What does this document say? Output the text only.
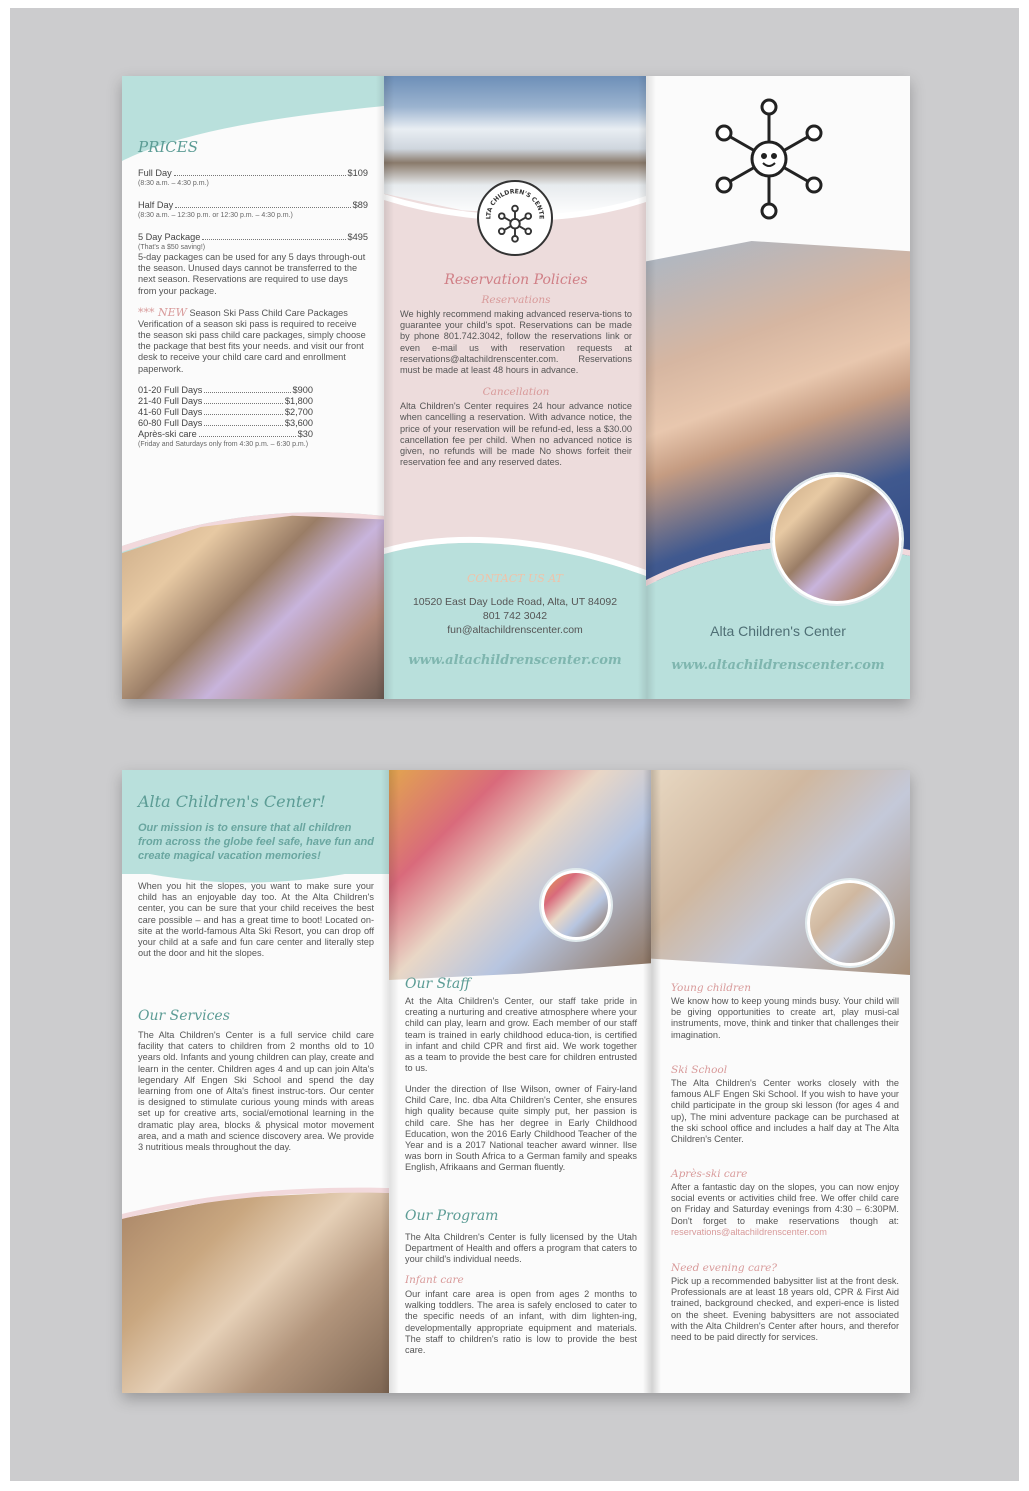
PRICES
Full Day	$109
(8:30 a.m. – 4:30 p.m.)
Half Day	$89
(8:30 a.m. – 12:30 p.m. or 12:30 p.m. – 4:30 p.m.)
5 Day Package	$495
(That's a $50 saving!)
5-day packages can be used for any 5 days through-out the season. Unused days cannot be transferred to the next season. Reservations are required to use days from your package.
*** NEW Season Ski Pass Child Care Packages
Verification of a season ski pass is required to receive the season ski pass child care packages, simply choose the package that best fits your needs. and visit our front desk to receive your child care card and enrollment paperwork.
01-20 Full Days	$900
21-40 Full Days	$1,800
41-60 Full Days	$2,700
60-80 Full Days	$3,600
Après-ski care	$30
(Friday and Saturdays only from 4:30 p.m. – 6:30 p.m.)
LTA CHILDREN'S CENTE
Reservation Policies
Reservations
We highly recommend making advanced reserva-tions to guarantee your child's spot. Reservations can be made by phone 801.742.3042, follow the reservations link or even e-mail us with reservation requests at reservations@altachildrenscenter.com. Reservations must be made at least 48 hours in advance.
Cancellation
Alta Children's Center requires 24 hour advance notice when cancelling a reservation. With advance notice, the price of your reservation will be refund-ed, less a $30.00 cancellation fee per child. When no advanced notice is given, no refunds will be made No shows forfeit their reservation fee and any reserved dates.
CONTACT US AT
10520 East Day Lode Road, Alta, UT 84092
801 742 3042
fun@altachildrenscenter.com
www.altachildrenscenter.com
Alta Children's Center
www.altachildrenscenter.com
Alta Children's Center!
Our mission is to ensure that all children from across the globe feel safe, have fun and create magical vacation memories!
When you hit the slopes, you want to make sure your child has an enjoyable day too. At the Alta Children's center, you can be sure that your child receives the best care possible – and has a great time to boot! Located on-site at the world-famous Alta Ski Resort, you can drop off your child at a safe and fun care center and literally step out the door and hit the slopes.
Our Services
The Alta Children's Center is a full service child care facility that caters to children from 2 months old to 10 years old. Infants and young children can play, create and learn in the center. Children ages 4 and up can join Alta's legendary Alf Engen Ski School and spend the day learning from one of Alta's finest instruc-tors. Our center is designed to stimulate curious young minds with areas set up for creative arts, social/emotional learning in the dramatic play area, blocks & physical motor movement area, and a math and science discovery area. We provide 3 nutritious meals throughout the day.
Our Staff
At the Alta Children's Center, our staff take pride in creating a nurturing and creative atmosphere where your child can play, learn and grow. Each member of our staff team is trained in early childhood educa-tion, is certified in infant and child CPR and first aid. We work together as a team to provide the best care for children entrusted to us.
Under the direction of Ilse Wilson, owner of Fairy-land Child Care, Inc. dba Alta Children's Center, she ensures high quality because quite simply put, her passion is child care. She has her degree in Early Childhood Education, won the 2016 Early Childhood Teacher of the Year and is a 2017 National teacher award winner. Ilse was born in South Africa to a German family and speaks English, Afrikaans and German fluently.
Our Program
The Alta Children's Center is fully licensed by the Utah Department of Health and offers a program that caters to your child's individual needs.
Infant care
Our infant care area is open from ages 2 months to walking toddlers. The area is safely enclosed to cater to the specific needs of an infant, with dim lighten-ing, developmentally appropriate equipment and materials. The staff to children's ratio is low to provide the best care.
Young children
We know how to keep young minds busy. Your child will be giving opportunities to create art, play musi-cal instruments, move, think and tinker that challenges their imagination.
Ski School
The Alta Children's Center works closely with the famous ALF Engen Ski School. If you wish to have your child participate in the group ski lesson (for ages 4 and up), The mini adventure package can be purchased at the ski school office and includes a half day at The Alta Children's Center.
Après-ski care
After a fantastic day on the slopes, you can now enjoy social events or activities child free. We offer child care on Friday and Saturday evenings from 4:30 – 6:30PM. Don't forget to make reservations though at: reservations@altachildrenscenter.com
Need evening care?
Pick up a recommended babysitter list at the front desk. Professionals are at least 18 years old, CPR & First Aid trained, background checked, and experi-ence is listed on the sheet. Evening babysitters are not associated with the Alta Children's Center after hours, and therefor need to be paid directly for services.
